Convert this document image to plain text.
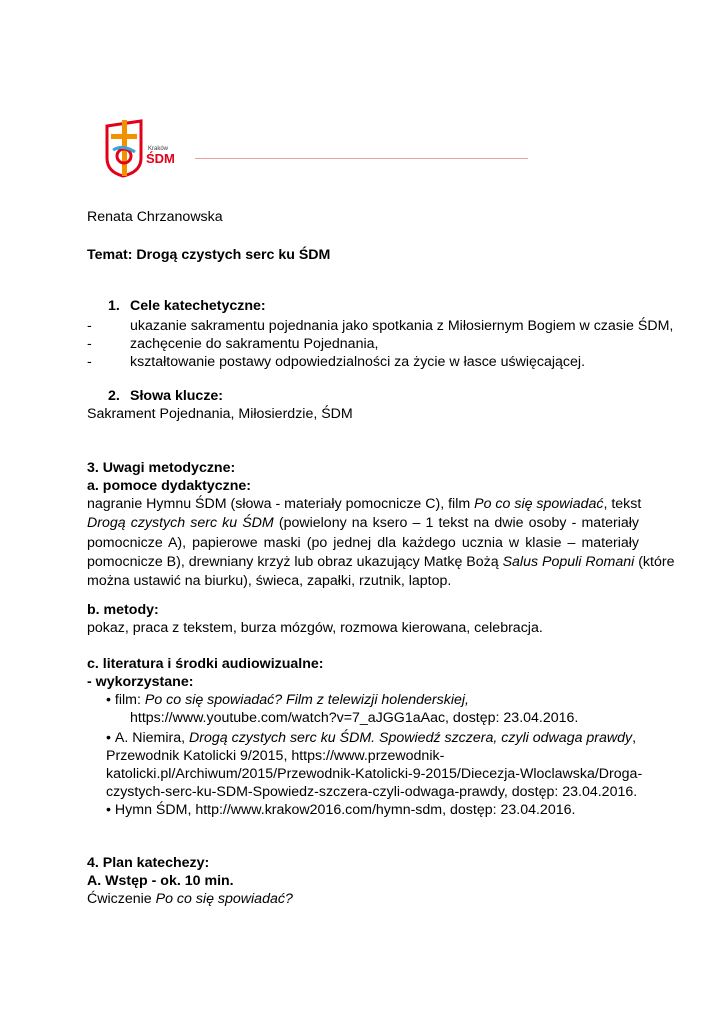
Kraków
ŚDM
Renata Chrzanowska
Temat: Drogą czystych serc ku ŚDM
1. Cele katechetyczne:
-	ukazanie sakramentu pojednania jako spotkania z Miłosiernym Bogiem w czasie ŚDM,
-	zachęcenie do sakramentu Pojednania,
-	kształtowanie postawy odpowiedzialności za życie w łasce uświęcającej.
2. Słowa klucze:
Sakrament Pojednania, Miłosierdzie, ŚDM
3. Uwagi metodyczne:
a. pomoce dydaktyczne:
nagranie Hymnu ŚDM (słowa - materiały pomocnicze C), film Po co się spowiadać, tekst
Drogą czystych serc ku ŚDM (powielony na ksero – 1 tekst na dwie osoby - materiały
pomocnicze A), papierowe maski (po jednej dla każdego ucznia w klasie – materiały
pomocnicze B), drewniany krzyż lub obraz ukazujący Matkę Bożą Salus Populi Romani (które
można ustawić na biurku), świeca, zapałki, rzutnik, laptop.
b. metody:
pokaz, praca z tekstem, burza mózgów, rozmowa kierowana, celebracja.
c. literatura i środki audiowizualne:
- wykorzystane:
• film: Po co się spowiadać? Film z telewizji holenderskiej,
https://www.youtube.com/watch?v=7_aJGG1aAac, dostęp: 23.04.2016.
• A. Niemira, Drogą czystych serc ku ŚDM. Spowiedź szczera, czyli odwaga prawdy,
Przewodnik Katolicki 9/2015, https://www.przewodnik-
katolicki.pl/Archiwum/2015/Przewodnik-Katolicki-9-2015/Diecezja-Wloclawska/Droga-
czystych-serc-ku-SDM-Spowiedz-szczera-czyli-odwaga-prawdy, dostęp: 23.04.2016.
• Hymn ŚDM, http://www.krakow2016.com/hymn-sdm, dostęp: 23.04.2016.
4. Plan katechezy:
A. Wstęp - ok. 10 min.
Ćwiczenie Po co się spowiadać?
